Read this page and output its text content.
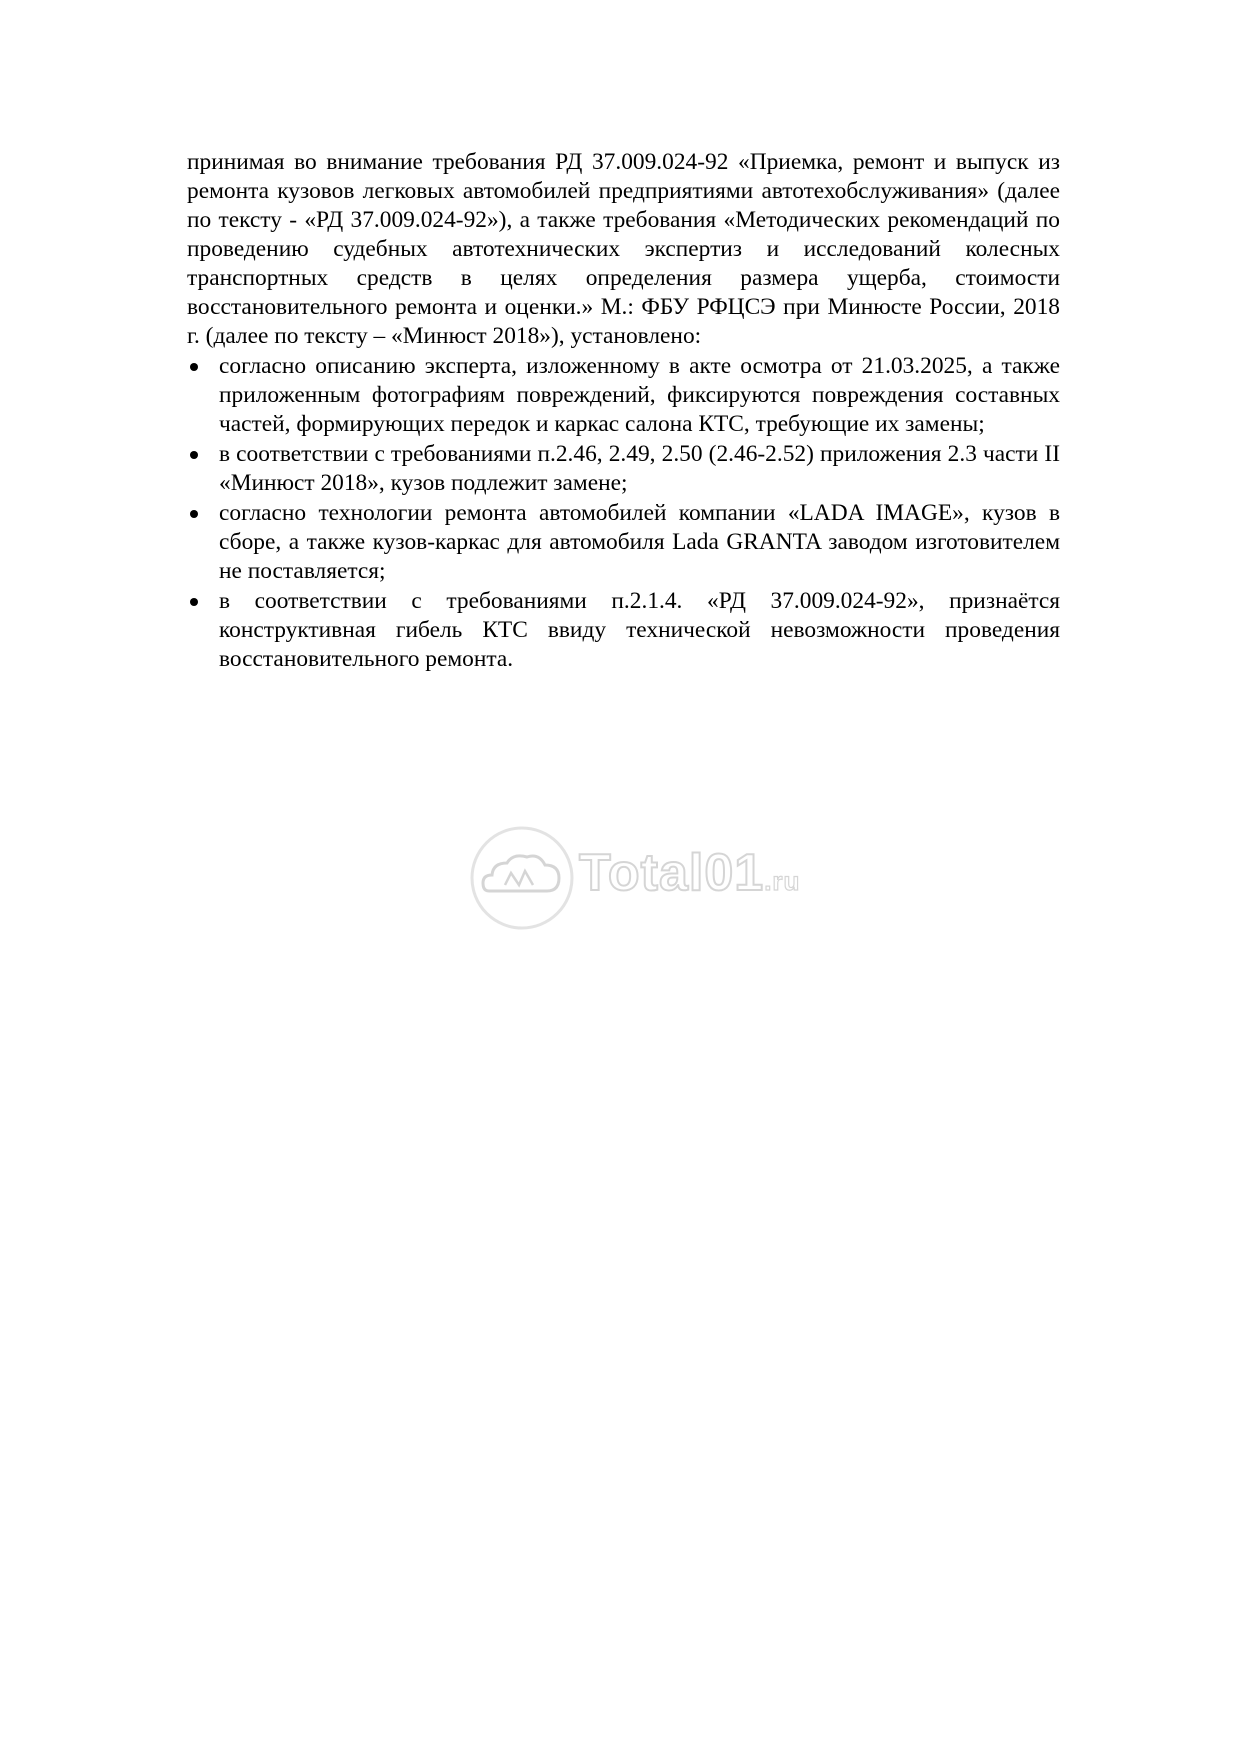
принимая во внимание требования РД 37.009.024-92 «Приемка, ремонт и выпуск из ремонта кузовов легковых автомобилей предприятиями автотехобслуживания» (далее по тексту - «РД 37.009.024-92»), а также требования «Методических рекомендаций по проведению судебных автотехнических экспертиз и исследований колесных транспортных средств в целях определения размера ущерба, стоимости восстановительного ремонта и оценки.» М.: ФБУ РФЦСЭ при Минюсте России, 2018 г. (далее по тексту – «Минюст 2018»), установлено:

согласно описанию эксперта, изложенному в акте осмотра от 21.03.2025, а также приложенным фотографиям повреждений, фиксируются повреждения составных частей, формирующих передок и каркас салона КТС, требующие их замены;
в соответствии с требованиями п.2.46, 2.49, 2.50 (2.46-2.52) приложения 2.3 части II «Минюст 2018», кузов подлежит замене;
согласно технологии ремонта автомобилей компании «LADA IMAGE», кузов в сборе, а также кузов-каркас для автомобиля Lada GRANTA заводом изготовителем не поставляется;
в соответствии с требованиями п.2.1.4. «РД 37.009.024-92», признаётся конструктивная гибель КТС ввиду технической невозможности проведения восстановительного ремонта.
Total01.ru
